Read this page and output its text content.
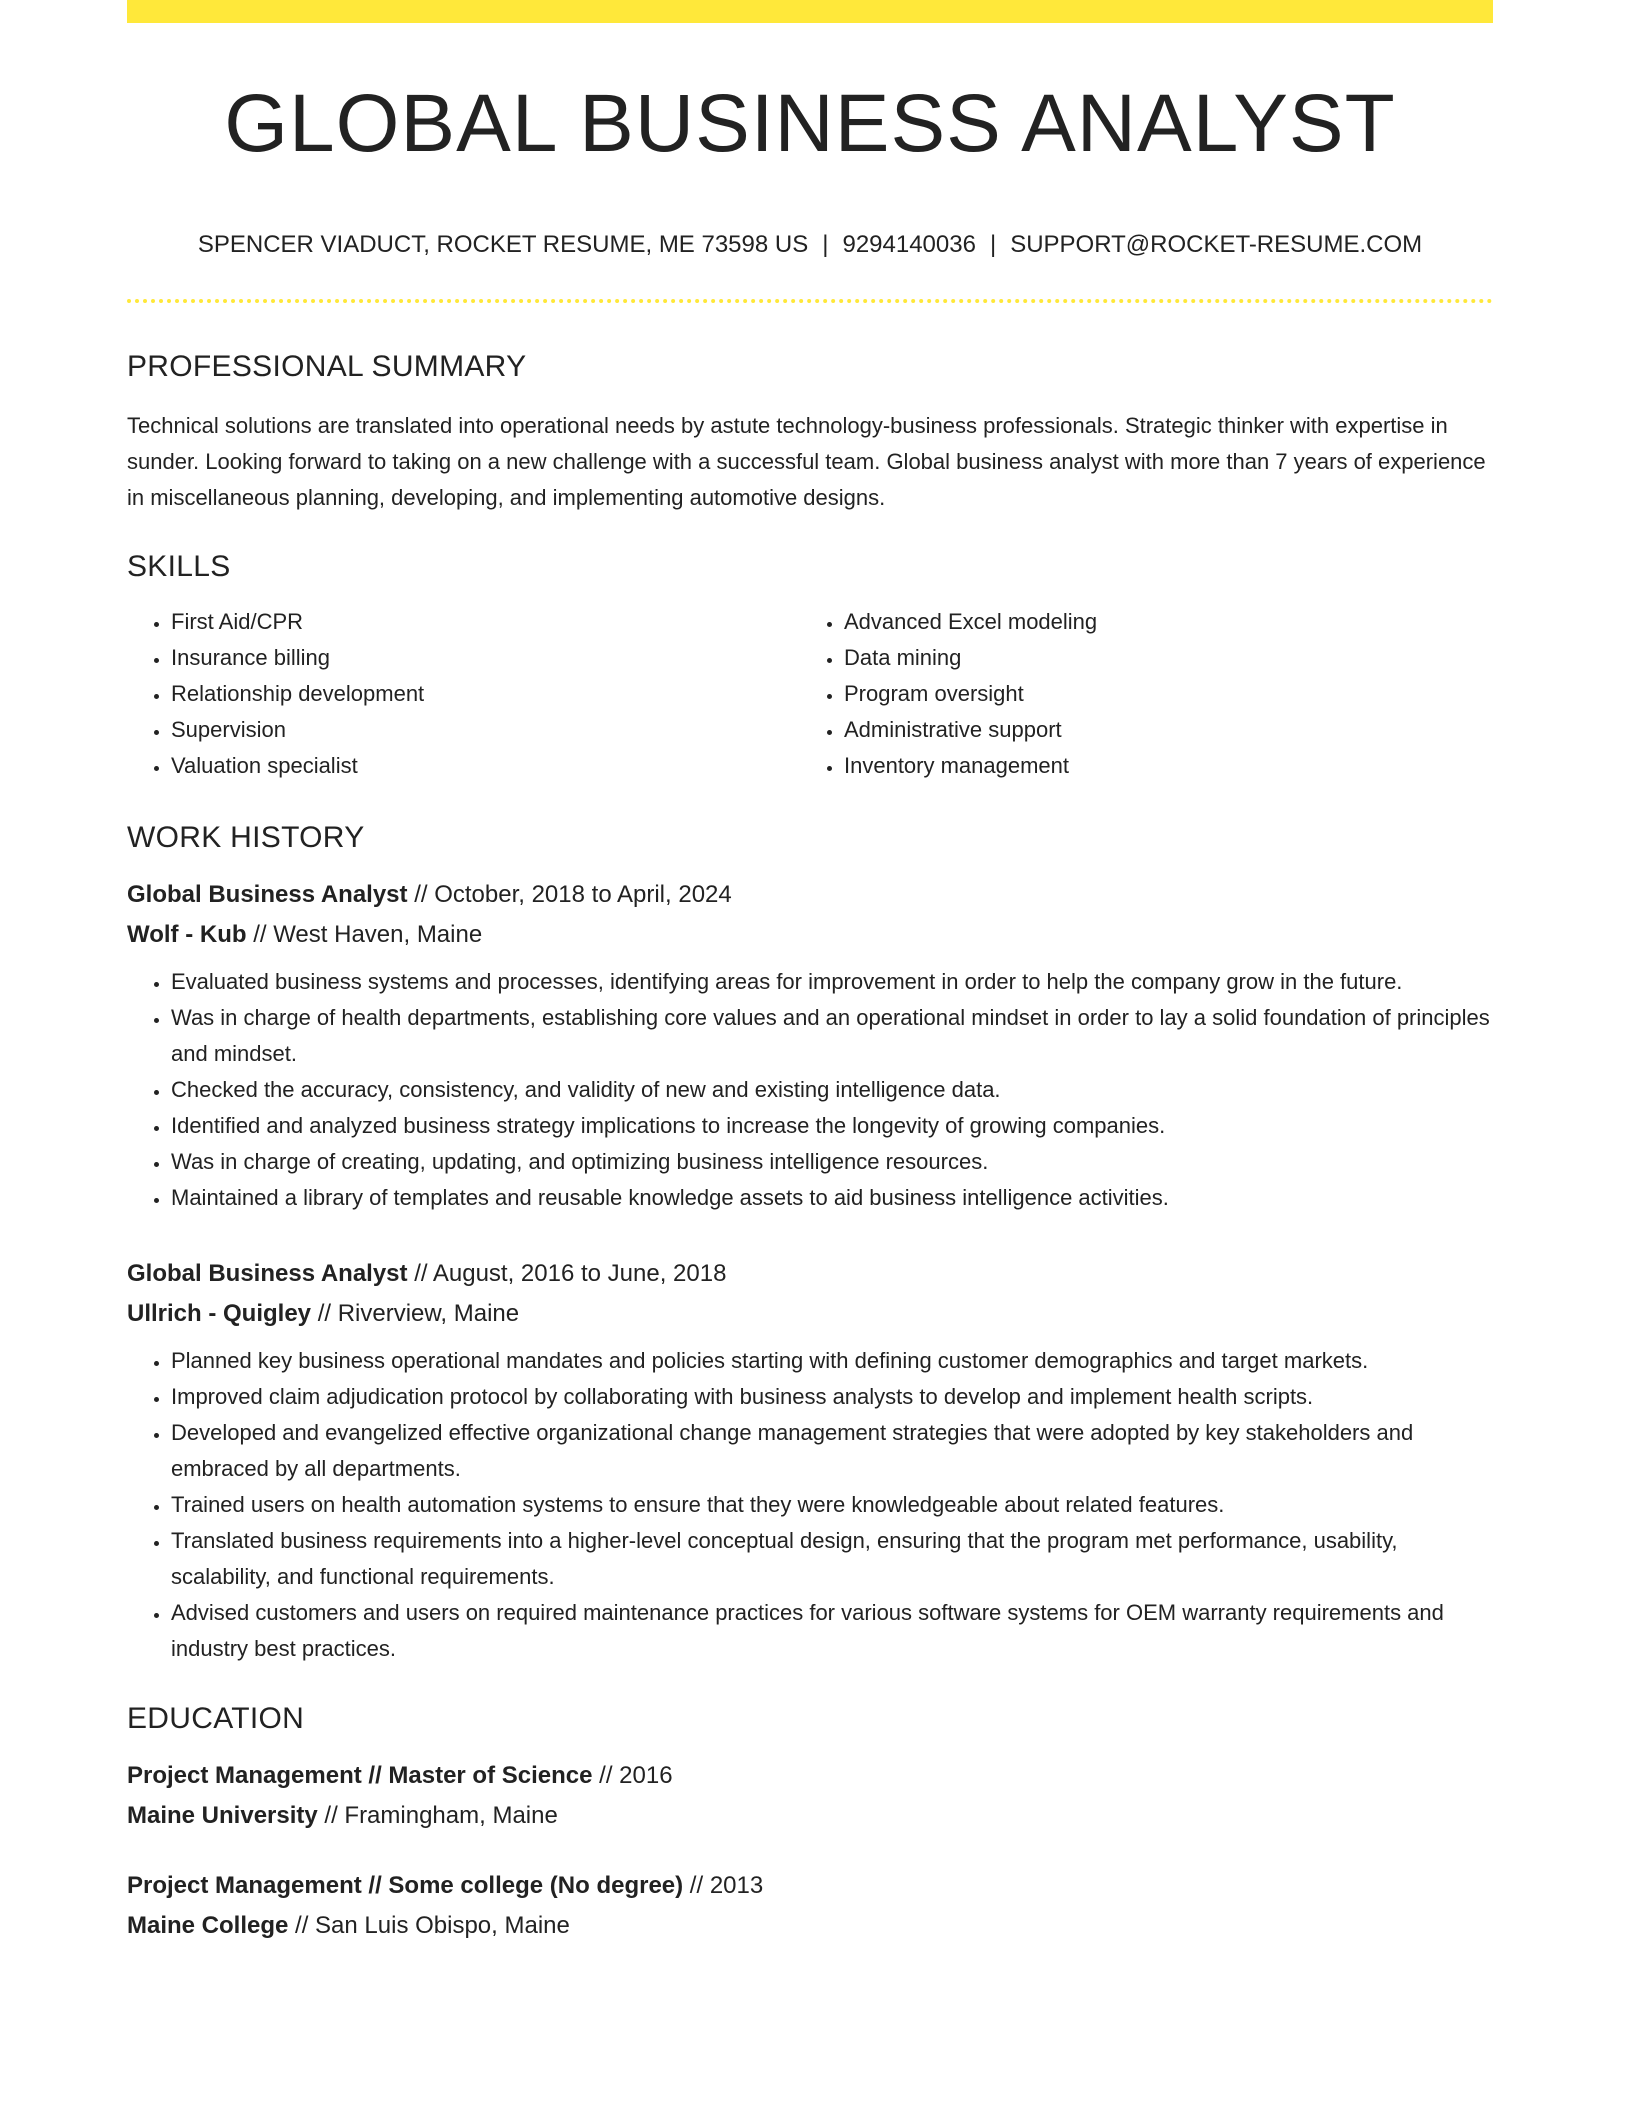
GLOBAL BUSINESS ANALYST
SPENCER VIADUCT, ROCKET RESUME, ME 73598 US | 9294140036 | SUPPORT@ROCKET-RESUME.COM
PROFESSIONAL SUMMARY

Technical solutions are translated into operational needs by astute technology-business professionals. Strategic thinker with expertise in sunder. Looking forward to taking on a new challenge with a successful team. Global business analyst with more than 7 years of experience in miscellaneous planning, developing, and implementing automotive designs.

SKILLS
• First Aid/CPR
• Insurance billing
• Relationship development
• Supervision
• Valuation specialist
• Advanced Excel modeling
• Data mining
• Program oversight
• Administrative support
• Inventory management
WORK HISTORY
Global Business Analyst // October, 2018 to April, 2024
Wolf - Kub // West Haven, Maine
• Evaluated business systems and processes, identifying areas for improvement in order to help the company grow in the future.
• Was in charge of health departments, establishing core values and an operational mindset in order to lay a solid foundation of principles and mindset.
• Checked the accuracy, consistency, and validity of new and existing intelligence data.
• Identified and analyzed business strategy implications to increase the longevity of growing companies.
• Was in charge of creating, updating, and optimizing business intelligence resources.
• Maintained a library of templates and reusable knowledge assets to aid business intelligence activities.
Global Business Analyst // August, 2016 to June, 2018
Ullrich - Quigley // Riverview, Maine
• Planned key business operational mandates and policies starting with defining customer demographics and target markets.
• Improved claim adjudication protocol by collaborating with business analysts to develop and implement health scripts.
• Developed and evangelized effective organizational change management strategies that were adopted by key stakeholders and embraced by all departments.
• Trained users on health automation systems to ensure that they were knowledgeable about related features.
• Translated business requirements into a higher-level conceptual design, ensuring that the program met performance, usability, scalability, and functional requirements.
• Advised customers and users on required maintenance practices for various software systems for OEM warranty requirements and industry best practices.
EDUCATION
Project Management // Master of Science // 2016
Maine University // Framingham, Maine
Project Management // Some college (No degree) // 2013
Maine College // San Luis Obispo, Maine
